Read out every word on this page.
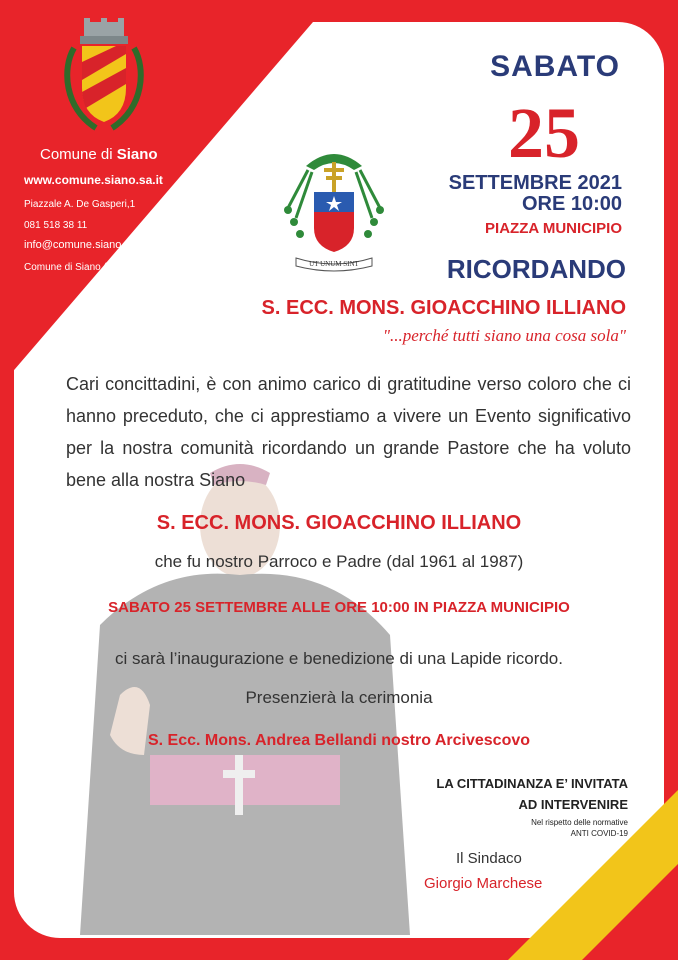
Comune di Siano
www.comune.siano.sa.it
Piazzale A. De Gasperi,1
081 518 38 11
info@comune.siano.sa.it
Comune di Siano (SA)	UT UNUM SINT
SABATO
25
SETTEMBRE 2021
ORE 10:00
PIAZZA MUNICIPIO
RICORDANDO
S. ECC. MONS. GIOACCHINO ILLIANO
"...perché tutti siano una cosa sola"
Cari concittadini, è con animo carico di gratitudine verso coloro che ci hanno preceduto, che ci apprestiamo a vivere un Evento significativo per la nostra comunità ricordando un grande Pastore che ha voluto bene alla nostra Siano
S. ECC. MONS. GIOACCHINO ILLIANO
che fu nostro Parroco e Padre (dal 1961 al 1987)
SABATO 25 SETTEMBRE ALLE ORE 10:00 IN PIAZZA MUNICIPIO
ci sarà l’inaugurazione e benedizione di una Lapide ricordo.
Presenzierà la cerimonia
S. Ecc. Mons. Andrea Bellandi nostro Arcivescovo
LA CITTADINANZA E’ INVITATA
AD INTERVENIRE
Nel rispetto delle normative
ANTI COVID-19
Il Sindaco
Giorgio Marchese
